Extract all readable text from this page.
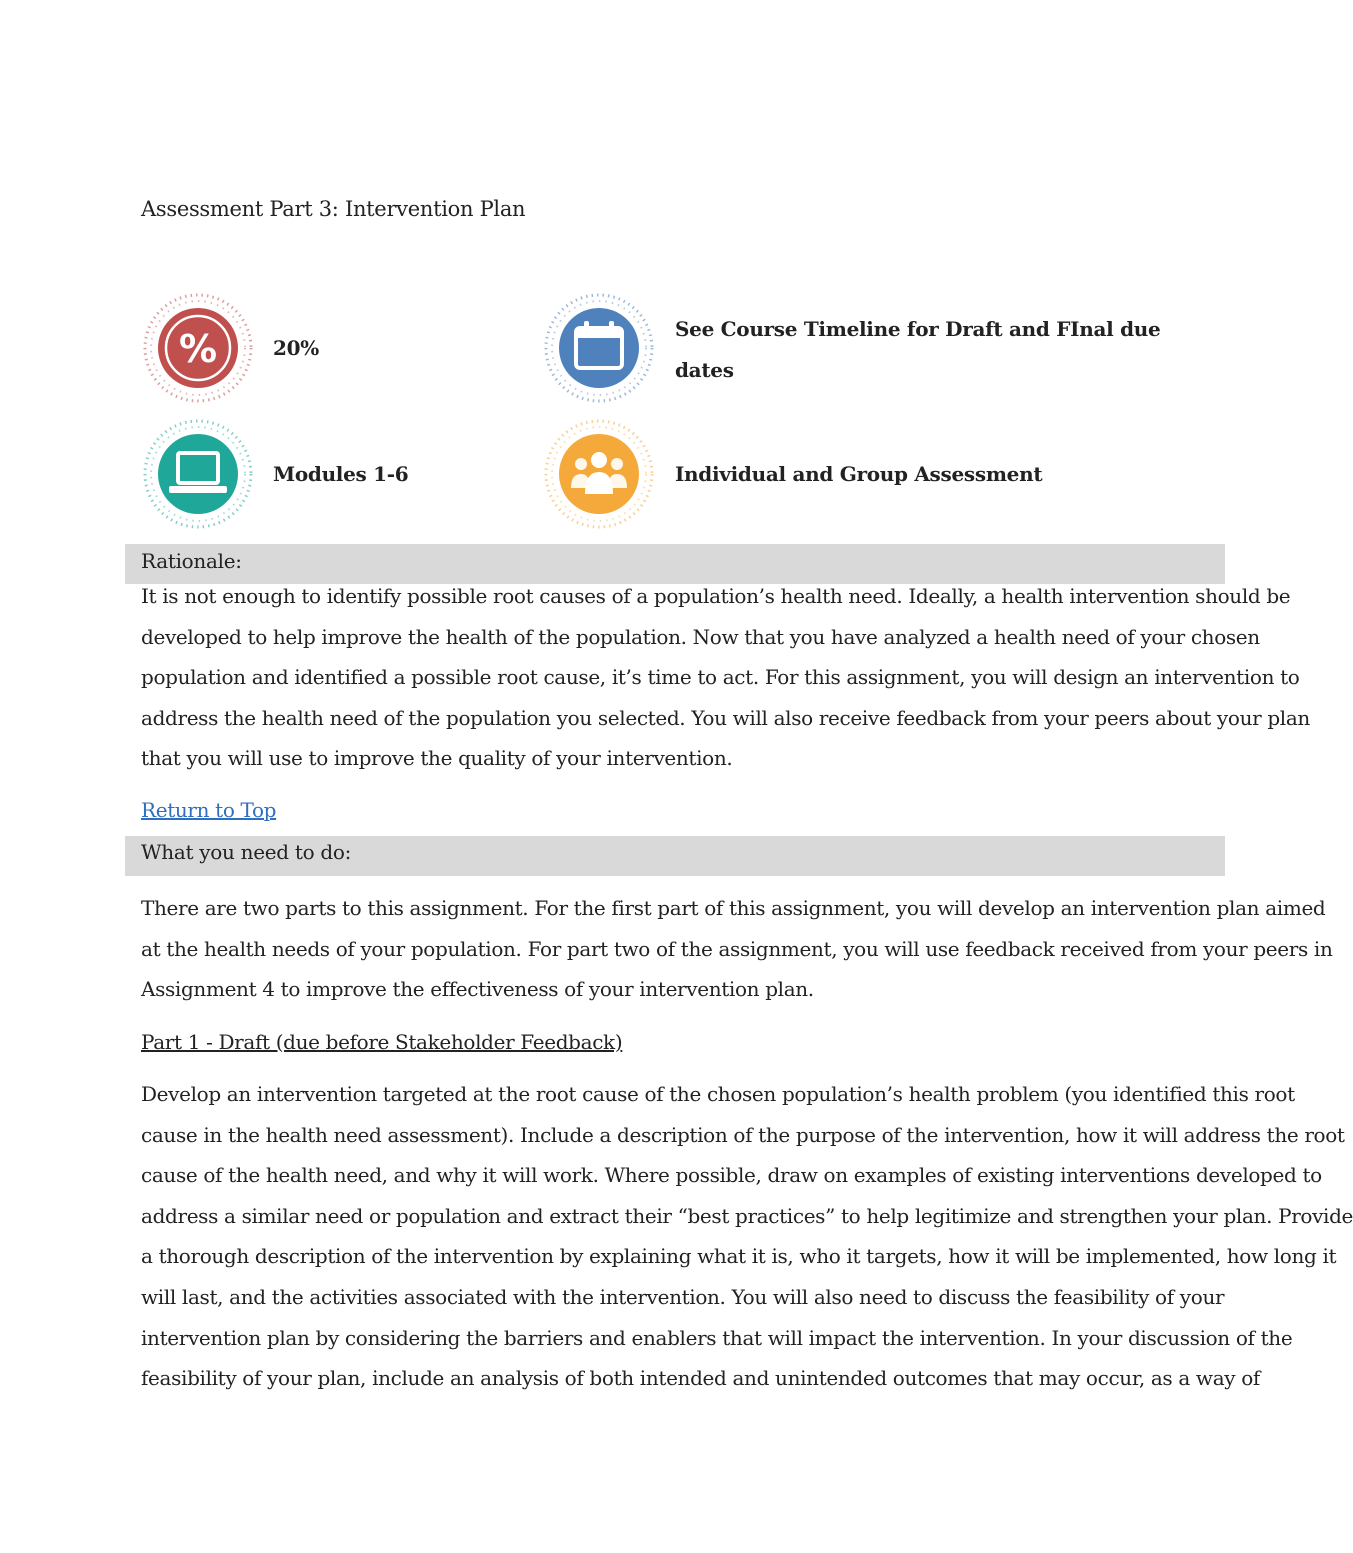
Assessment Part 3: Intervention Plan
%	20%
See Course Timeline for Draft and FInal due
dates
Modules 1-6	Individual and Group Assessment
Rationale:
It is not enough to identify possible root causes of a population’s health need. Ideally, a health intervention should be
developed to help improve the health of the population. Now that you have analyzed a health need of your chosen
population and identified a possible root cause, it’s time to act. For this assignment, you will design an intervention to
address the health need of the population you selected. You will also receive feedback from your peers about your plan
that you will use to improve the quality of your intervention.
Return to Top
What you need to do:
There are two parts to this assignment. For the first part of this assignment, you will develop an intervention plan aimed
at the health needs of your population. For part two of the assignment, you will use feedback received from your peers in
Assignment 4 to improve the effectiveness of your intervention plan.
Part 1 - Draft (due before Stakeholder Feedback)
Develop an intervention targeted at the root cause of the chosen population’s health problem (you identified this root
cause in the health need assessment). Include a description of the purpose of the intervention, how it will address the root
cause of the health need, and why it will work. Where possible, draw on examples of existing interventions developed to
address a similar need or population and extract their “best practices” to help legitimize and strengthen your plan. Provide
a thorough description of the intervention by explaining what it is, who it targets, how it will be implemented, how long it
will last, and the activities associated with the intervention. You will also need to discuss the feasibility of your
intervention plan by considering the barriers and enablers that will impact the intervention. In your discussion of the
feasibility of your plan, include an analysis of both intended and unintended outcomes that may occur, as a way of
